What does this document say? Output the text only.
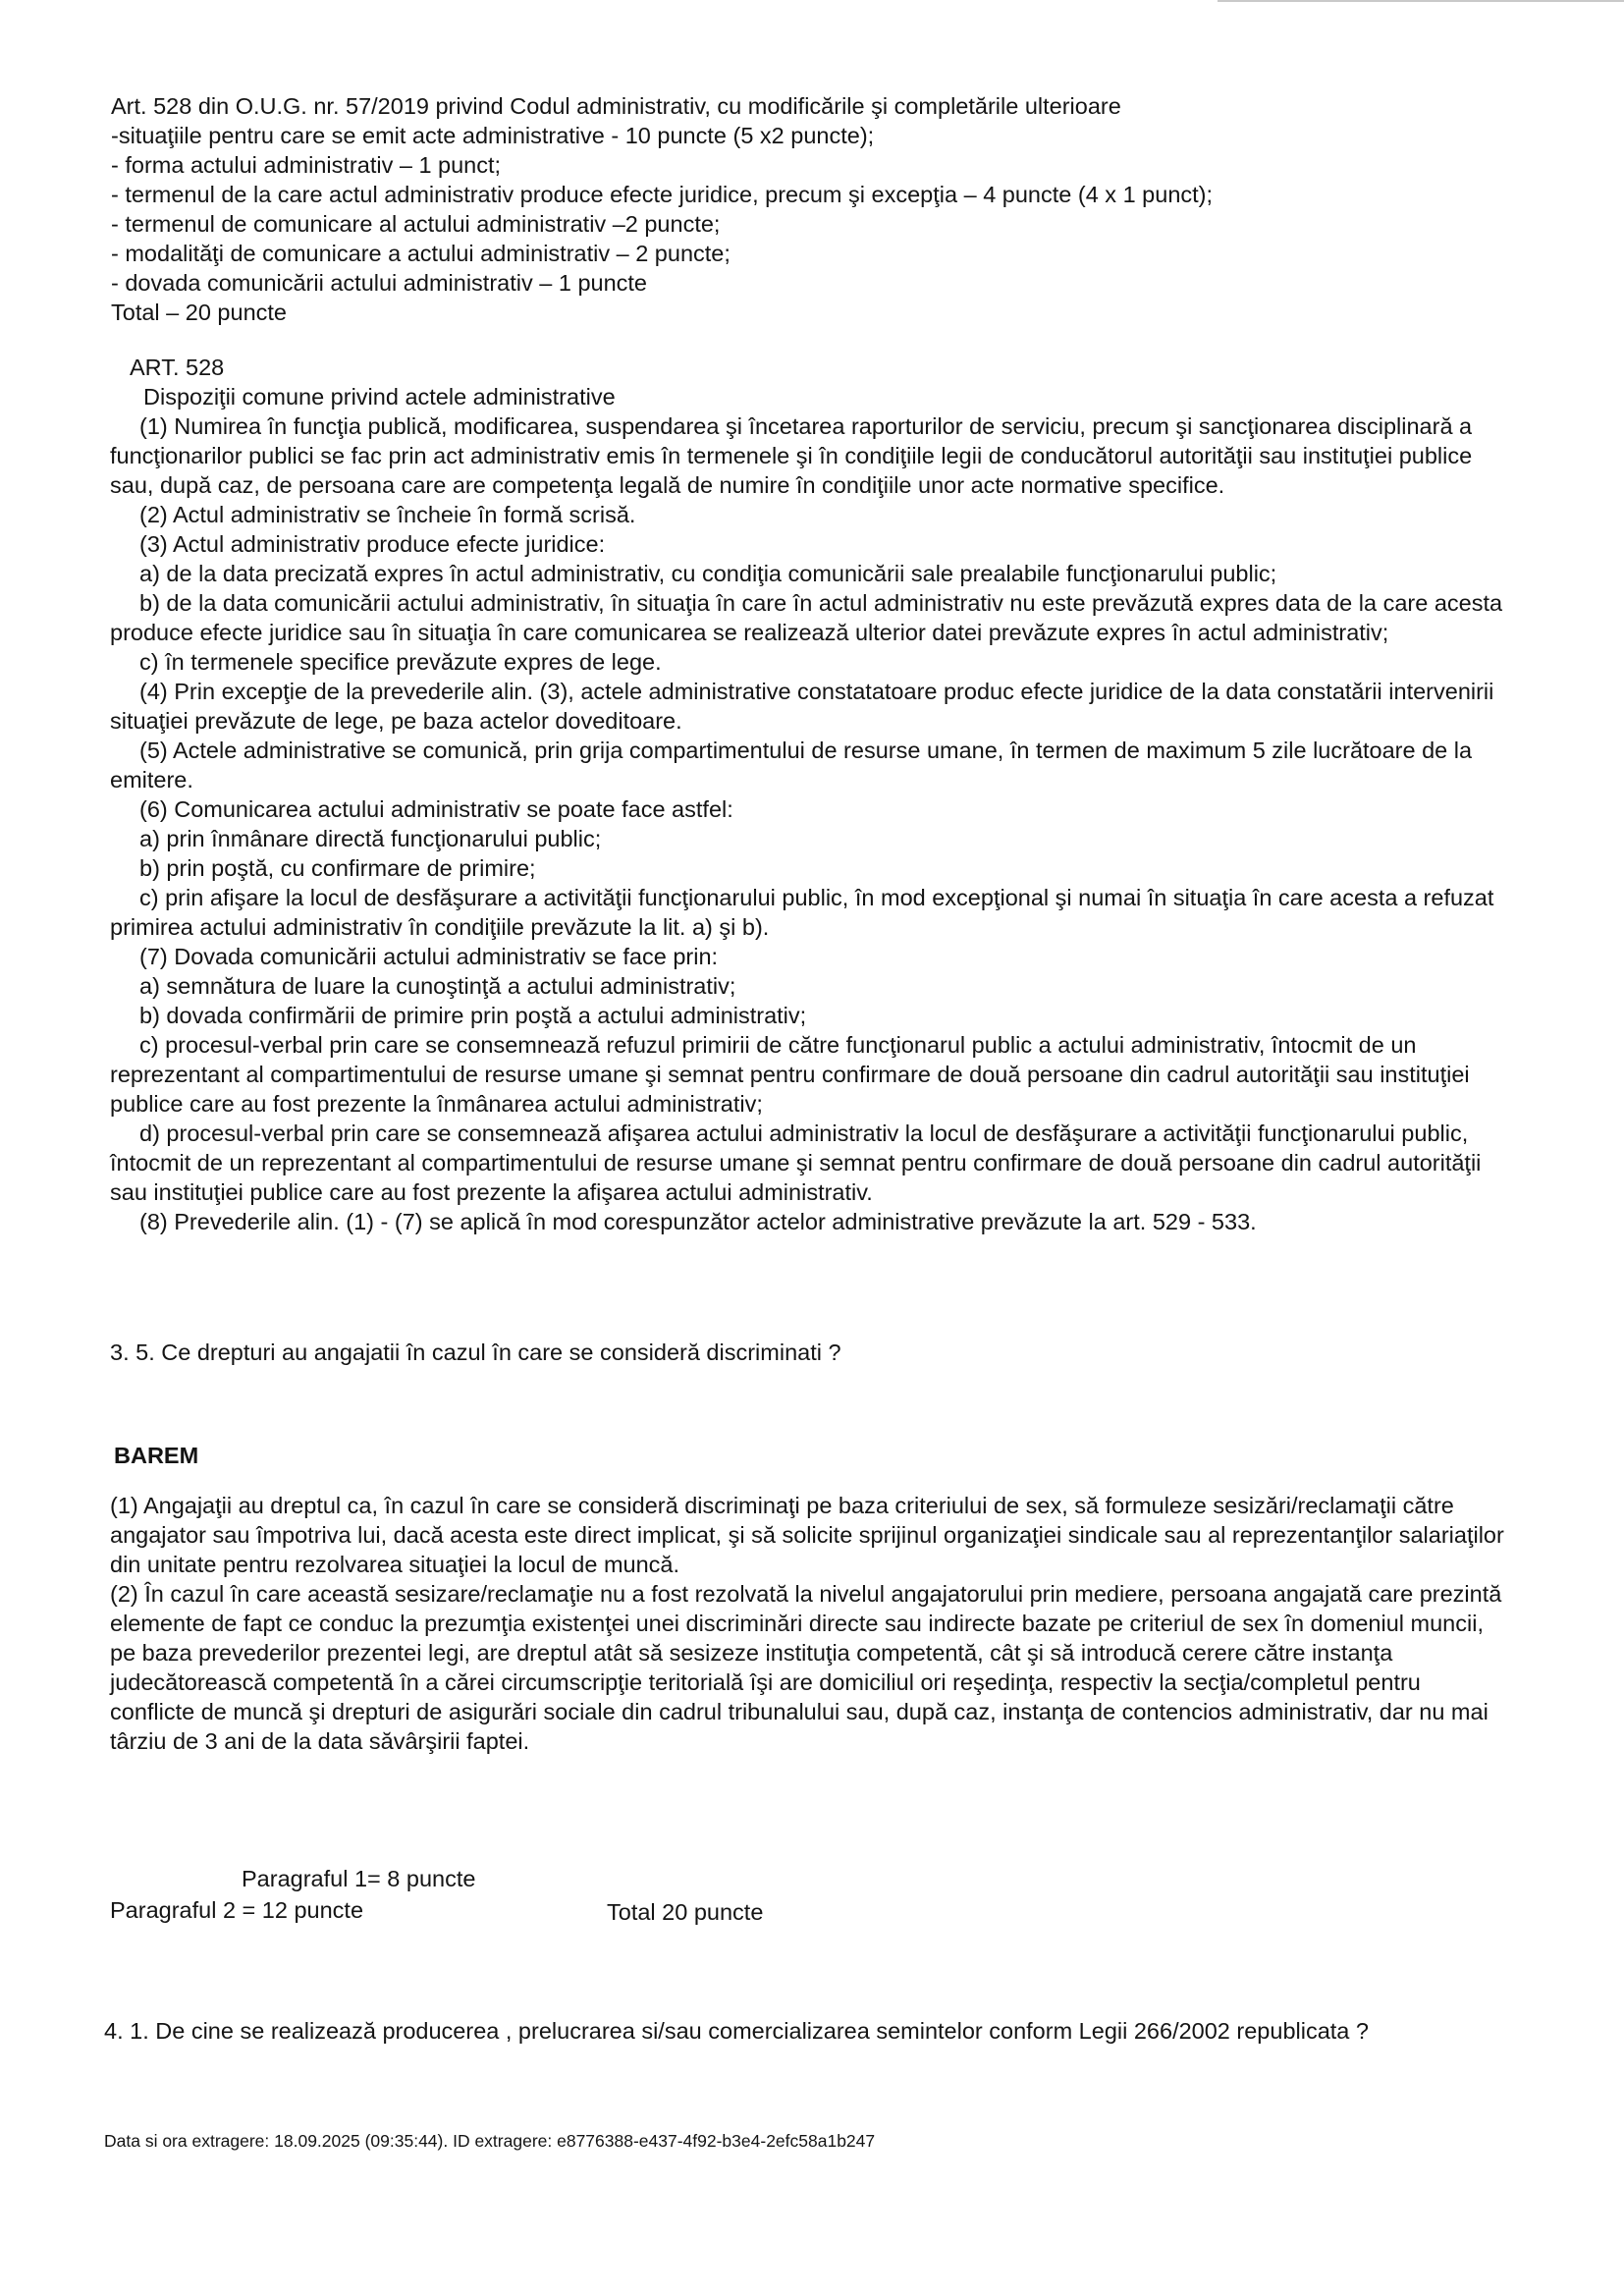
Art. 528 din O.U.G. nr. 57/2019 privind Codul administrativ, cu modificările şi completările ulterioare

-situaţiile pentru care se emit acte administrative - 10 puncte (5 x2 puncte);

- forma actului administrativ – 1 punct;

- termenul de la care actul administrativ produce efecte juridice, precum şi excepţia – 4 puncte (4 x 1 punct);

- termenul de comunicare al actului administrativ –2 puncte;

- modalităţi de comunicare a actului administrativ – 2 puncte;

- dovada comunicării actului administrativ – 1 puncte

Total – 20 puncte

ART. 528

Dispoziţii comune privind actele administrative

(1) Numirea în funcţia publică, modificarea, suspendarea şi încetarea raporturilor de serviciu, precum şi sancţionarea disciplinară a funcţionarilor publici se fac prin act administrativ emis în termenele şi în condiţiile legii de conducătorul autorităţii sau instituţiei publice sau, după caz, de persoana care are competenţa legală de numire în condiţiile unor acte normative specifice.

(2) Actul administrativ se încheie în formă scrisă.

(3) Actul administrativ produce efecte juridice:

a) de la data precizată expres în actul administrativ, cu condiţia comunicării sale prealabile funcţionarului public;

b) de la data comunicării actului administrativ, în situaţia în care în actul administrativ nu este prevăzută expres data de la care acesta produce efecte juridice sau în situaţia în care comunicarea se realizează ulterior datei prevăzute expres în actul administrativ;

c) în termenele specifice prevăzute expres de lege.

(4) Prin excepţie de la prevederile alin. (3), actele administrative constatatoare produc efecte juridice de la data constatării intervenirii situaţiei prevăzute de lege, pe baza actelor doveditoare.

(5) Actele administrative se comunică, prin grija compartimentului de resurse umane, în termen de maximum 5 zile lucrătoare de la emitere.

(6) Comunicarea actului administrativ se poate face astfel:

a) prin înmânare directă funcţionarului public;

b) prin poştă, cu confirmare de primire;

c) prin afişare la locul de desfăşurare a activităţii funcţionarului public, în mod excepţional şi numai în situaţia în care acesta a refuzat primirea actului administrativ în condiţiile prevăzute la lit. a) şi b).

(7) Dovada comunicării actului administrativ se face prin:

a) semnătura de luare la cunoştinţă a actului administrativ;

b) dovada confirmării de primire prin poştă a actului administrativ;

c) procesul-verbal prin care se consemnează refuzul primirii de către funcţionarul public a actului administrativ, întocmit de un reprezentant al compartimentului de resurse umane şi semnat pentru confirmare de două persoane din cadrul autorităţii sau instituţiei publice care au fost prezente la înmânarea actului administrativ;

d) procesul-verbal prin care se consemnează afişarea actului administrativ la locul de desfăşurare a activităţii funcţionarului public, întocmit de un reprezentant al compartimentului de resurse umane şi semnat pentru confirmare de două persoane din cadrul autorităţii sau instituţiei publice care au fost prezente la afişarea actului administrativ.

(8) Prevederile alin. (1) - (7) se aplică în mod corespunzător actelor administrative prevăzute la art. 529 - 533.

3. 5. Ce drepturi au angajatii în cazul în care se consideră discriminati ?
BAREM

(1) Angajaţii au dreptul ca, în cazul în care se consideră discriminaţi pe baza criteriului de sex, să formuleze sesizări/reclamaţii către angajator sau împotriva lui, dacă acesta este direct implicat, şi să solicite sprijinul organizaţiei sindicale sau al reprezentanţilor salariaţilor din unitate pentru rezolvarea situaţiei la locul de muncă.

(2) În cazul în care această sesizare/reclamaţie nu a fost rezolvată la nivelul angajatorului prin mediere, persoana angajată care prezintă elemente de fapt ce conduc la prezumţia existenţei unei discriminări directe sau indirecte bazate pe criteriul de sex în domeniul muncii, pe baza prevederilor prezentei legi, are dreptul atât să sesizeze instituţia competentă, cât şi să introducă cerere către instanţa judecătorească competentă în a cărei circumscripţie teritorială îşi are domiciliul ori reşedinţa, respectiv la secţia/completul pentru conflicte de muncă şi drepturi de asigurări sociale din cadrul tribunalului sau, după caz, instanţa de contencios administrativ, dar nu mai târziu de 3 ani de la data săvârşirii faptei.

Paragraful 1= 8 puncte
Paragraful 2 = 12 puncte	Total 20 puncte

4. 1. De cine se realizează producerea , prelucrarea si/sau comercializarea semintelor conform Legii 266/2002 republicata ?

Data si ora extragere: 18.09.2025 (09:35:44). ID extragere: e8776388-e437-4f92-b3e4-2efc58a1b247
